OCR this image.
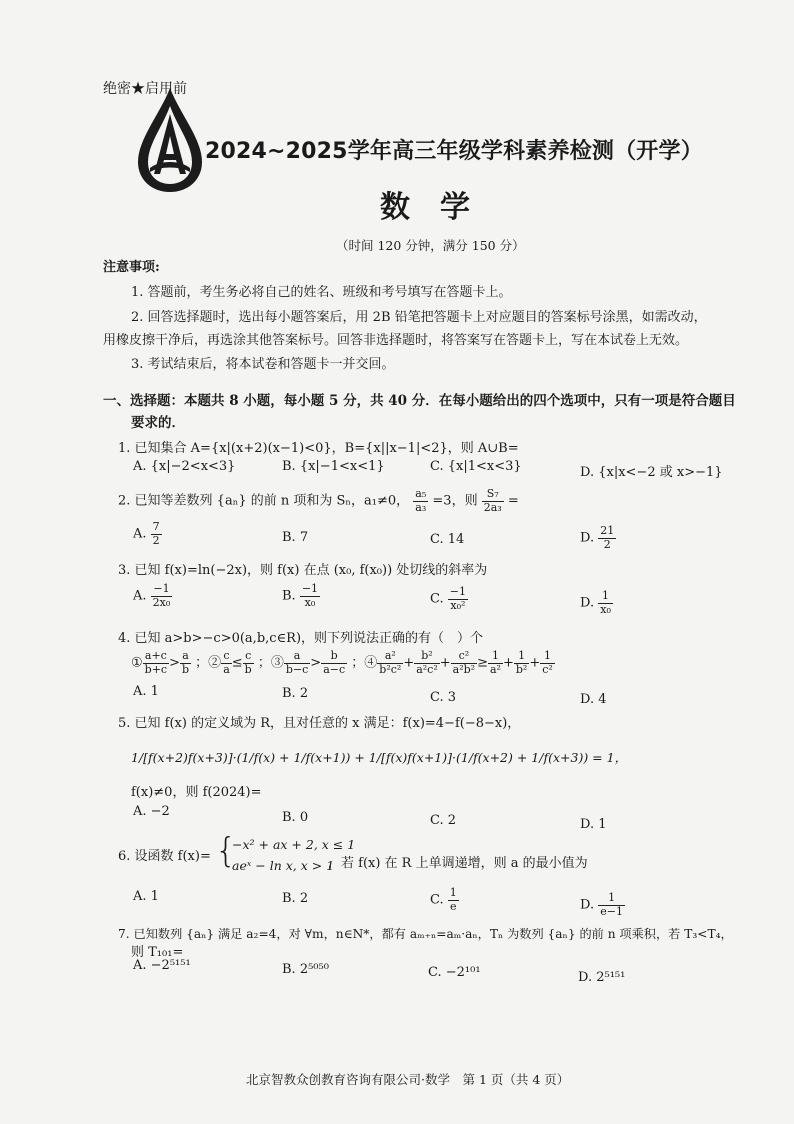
绝密★启用前
2024~2025学年高三年级学科素养检测（开学）
数　学
（时间 120 分钟，满分 150 分）
注意事项:
1. 答题前，考生务必将自己的姓名、班级和考号填写在答题卡上。
2. 回答选择题时，选出每小题答案后，用 2B 铅笔把答题卡上对应题目的答案标号涂黑，如需改动，
用橡皮擦干净后，再选涂其他答案标号。回答非选择题时，将答案写在答题卡上，写在本试卷上无效。
3. 考试结束后，将本试卷和答题卡一并交回。
一、选择题：本题共 8 小题，每小题 5 分，共 40 分．在每小题给出的四个选项中，只有一项是符合题目
要求的．
1. 已知集合 A={x|(x+2)(x−1)<0}，B={x||x−1|<2}，则 A∪B=
A. {x|−2<x<3}	B. {x|−1<x<1}	C. {x|1<x<3}	D. {x|x<−2 或 x>−1}
2. 已知等差数列 {aₙ} 的前 n 项和为 Sₙ，a₁≠0， $\frac{\text{a₅}}{\text{a₃}} =3$，则 $\frac{\text{S₇}}{\text{2a₃}}$ =
A. $\frac{7}{2}$	B. 7	C. 14	D. $\frac{21}{2}$
3. 已知 f(x)=ln(−2x)，则 f(x) 在点 (x₀, f(x₀)) 处切线的斜率为
A. $\frac{-1}{\text{2x₀}}$	B. $\frac{-1}{\text{x₀}}$	C. $\frac{-1}{\text{x₀²}}$	D. $\frac{1}{\text{x₀}}$
4. 已知 a>b>−c>0(a,b,c∈R)，则下列说法正确的有（　）个
① $\frac{a+c}{b+c} > \frac{a}{b}$ ；② $\frac{c}{a} \le \frac{c}{b}$ ；③ $\frac{a}{b-c} > \frac{b}{a-c}$ ；④ $\frac{\text{a²}}{\text{b²c²}} + \frac{\text{b²}}{\text{a²c²}} + \frac{\text{c²}}{\text{a²b²}} \ge \frac{1}{\text{a²}} + \frac{1}{\text{b²}} + \frac{1}{\text{c²}}$
A. 1	B. 2	C. 3	D. 4
5. 已知 f(x) 的定义域为 R，且对任意的 x 满足：f(x)=4−f(−8−x)，
1/[f(x+2)f(x+3)]·(1/f(x) + 1/f(x+1)) + 1/[f(x)f(x+1)]·(1/f(x+2) + 1/f(x+3)) = 1，
f(x)≠0，则 f(2024)=
A. −2	B. 0	C. 2	D. 1
6. 设函数 f(x)= {
−x² + ax + 2, x ≤ 1
aeˣ − ln x, x > 1
，若 f(x) 在 R 上单调递增，则 a 的最小值为
A. 1	B. 2	C. $\frac{1}{e}$	D. $\frac{1}{e-1}$
7. 已知数列 {aₙ} 满足 a₂=4，对 ∀m，n∈N*，都有 aₘ₊ₙ=aₘ·aₙ，Tₙ 为数列 {aₙ} 的前 n 项乘积，若 T₃<T₄，
则 T₁₀₁=
A. −2⁵¹⁵¹	B. 2⁵⁰⁵⁰	C. −2¹⁰¹	D. 2⁵¹⁵¹
北京智教众创教育咨询有限公司·数学　第 1 页（共 4 页）
